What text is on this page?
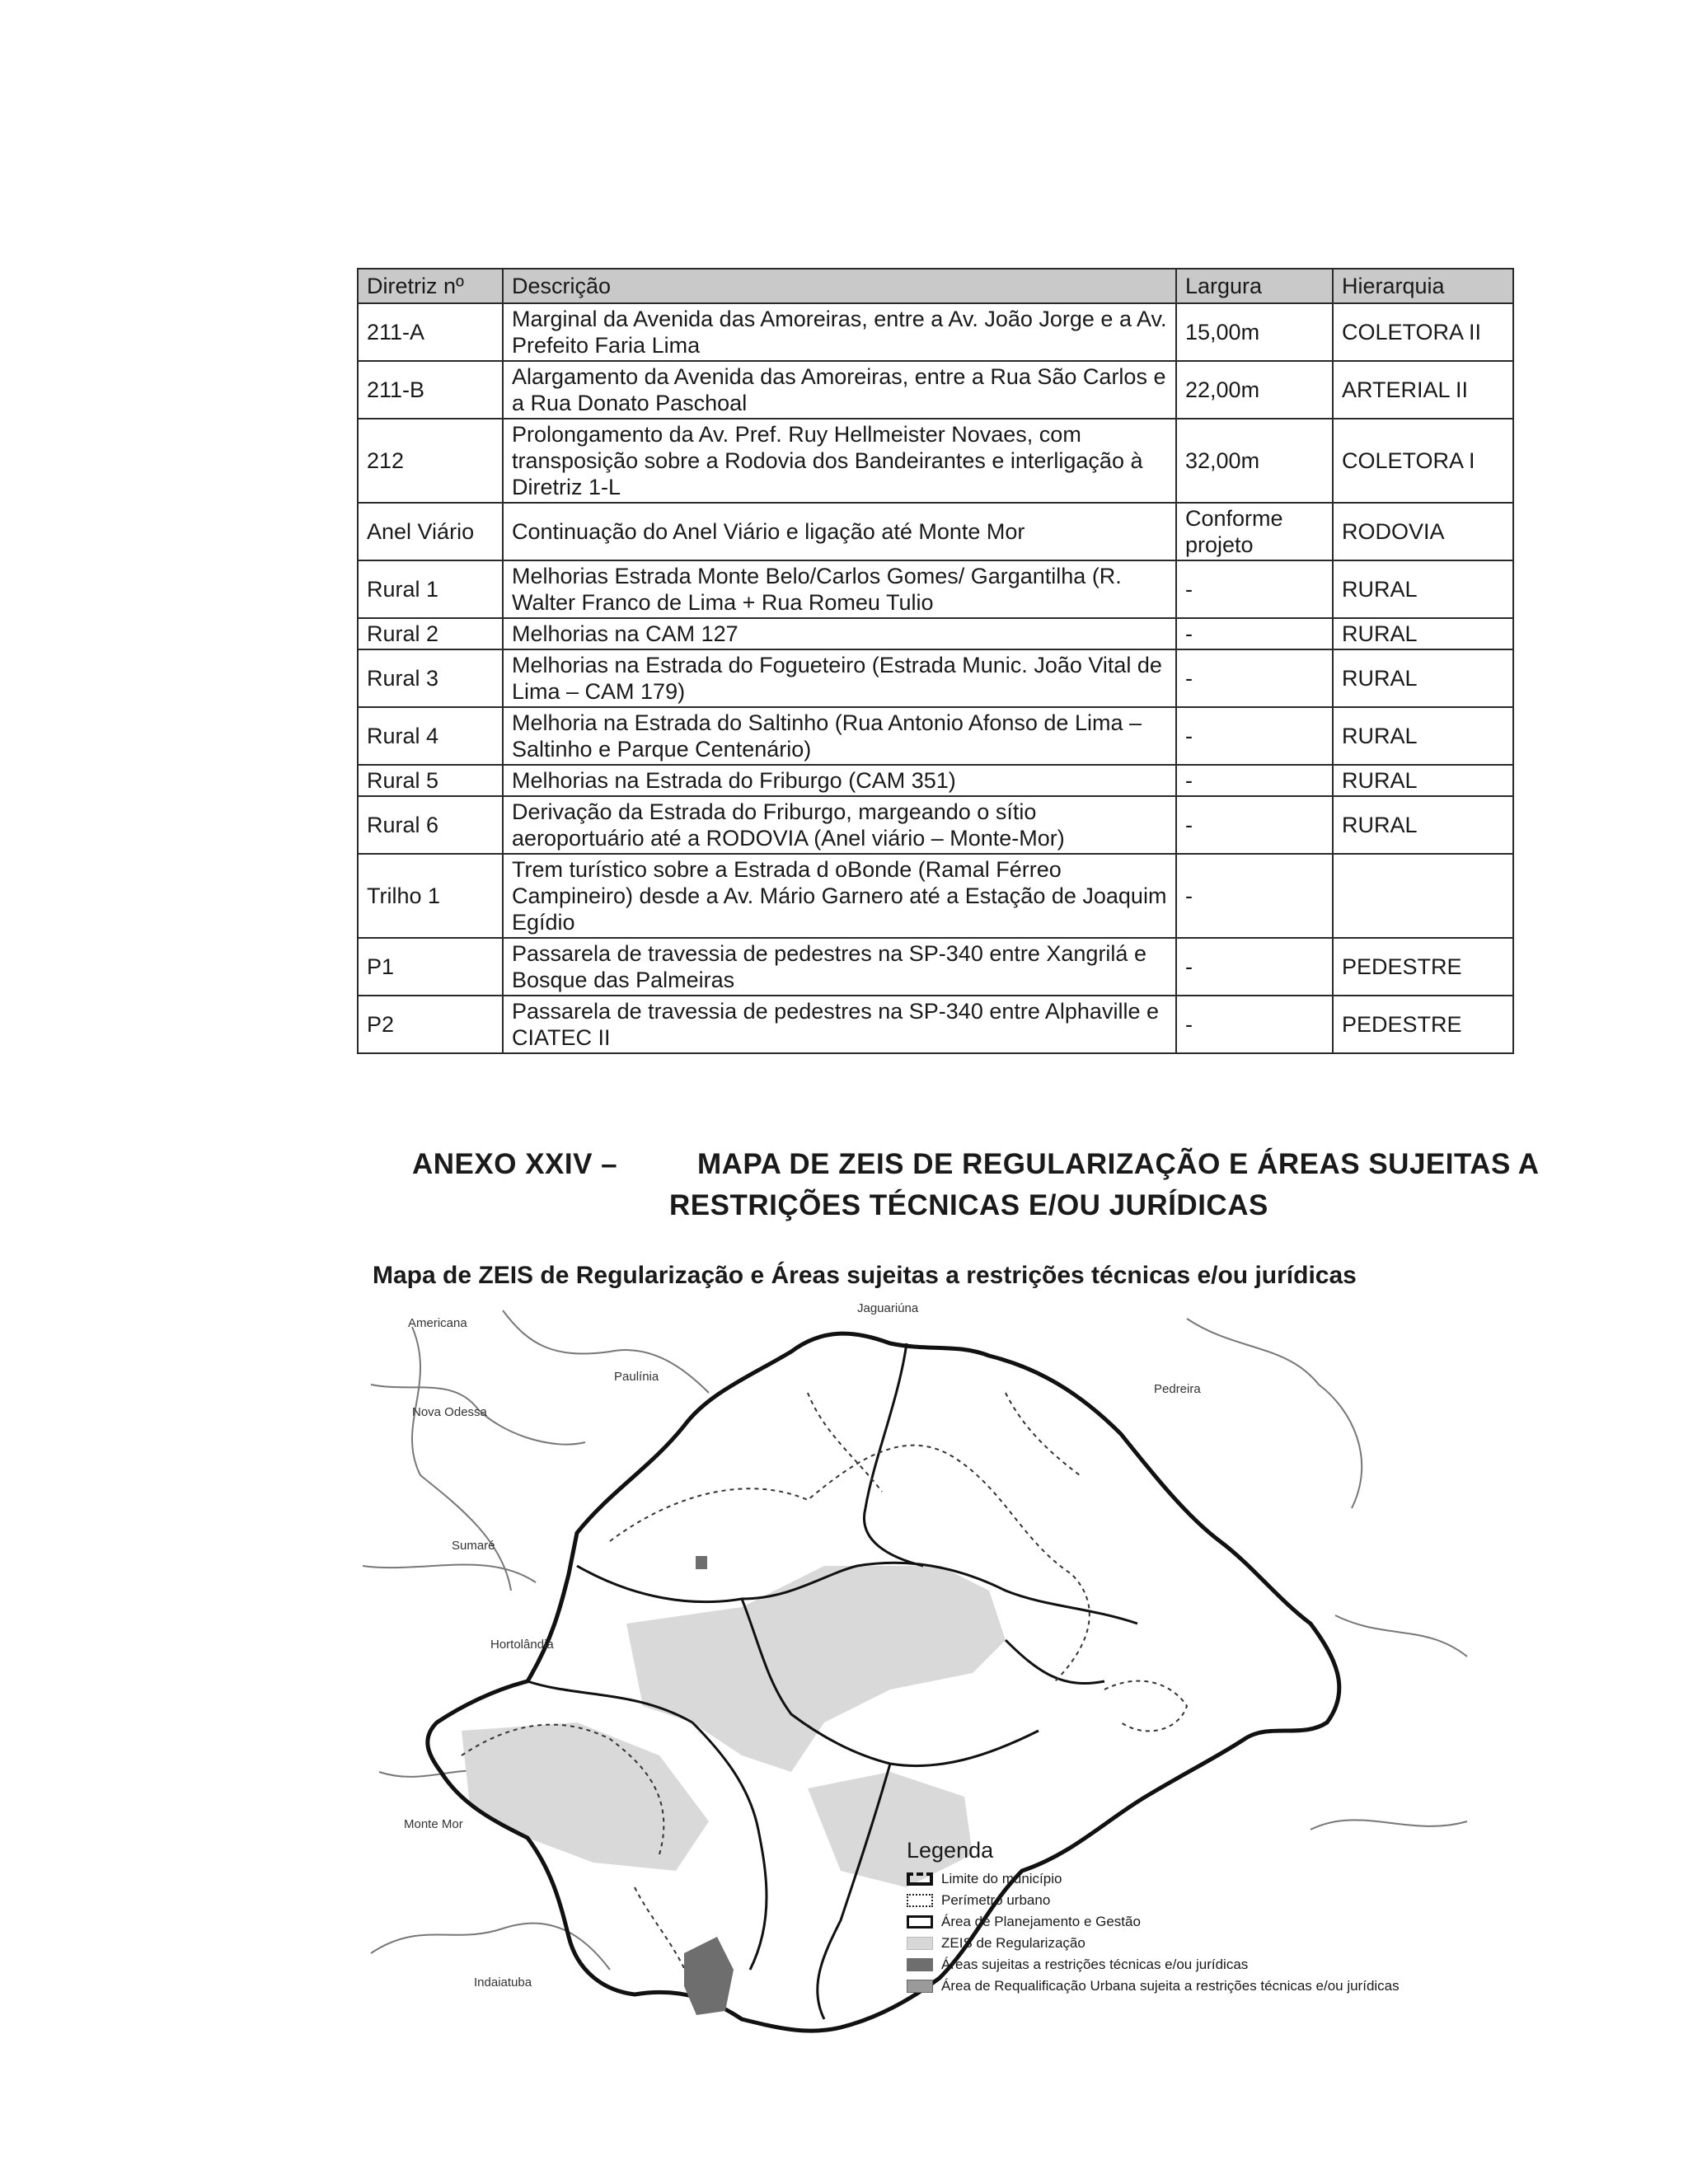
Diretriz nº	Descrição	Largura	Hierarquia
211-A	Marginal da Avenida das Amoreiras, entre a Av. João Jorge e a Av. Prefeito Faria Lima	15,00m	COLETORA II
211-B	Alargamento da Avenida das Amoreiras, entre a Rua São Carlos e a Rua Donato Paschoal	22,00m	ARTERIAL II
212	Prolongamento da Av. Pref. Ruy Hellmeister Novaes, com transposição sobre a Rodovia dos Bandeirantes e interligação à Diretriz 1-L	32,00m	COLETORA I
Anel Viário	Continuação do Anel Viário e ligação até Monte Mor	Conforme projeto	RODOVIA
Rural 1	Melhorias Estrada Monte Belo/Carlos Gomes/ Gargantilha (R. Walter Franco de Lima + Rua Romeu Tulio	-	RURAL
Rural 2	Melhorias na CAM 127	-	RURAL
Rural 3	Melhorias na Estrada do Fogueteiro (Estrada Munic. João Vital de Lima – CAM 179)	-	RURAL
Rural 4	Melhoria na Estrada do Saltinho (Rua Antonio Afonso de Lima – Saltinho e Parque Centenário)	-	RURAL
Rural 5	Melhorias na Estrada do Friburgo (CAM 351)	-	RURAL
Rural 6	Derivação da Estrada do Friburgo, margeando o sítio aeroportuário até a RODOVIA (Anel viário – Monte-Mor)	-	RURAL
Trilho 1	Trem turístico sobre a Estrada d oBonde (Ramal Férreo Campineiro) desde a Av. Mário Garnero até a Estação de Joaquim Egídio	-	
P1	Passarela de travessia de pedestres na SP-340 entre Xangrilá e Bosque das Palmeiras	-	PEDESTRE
P2	Passarela de travessia de pedestres na SP-340 entre Alphaville e CIATEC II	-	PEDESTRE
ANEXO XXIV –	MAPA DE ZEIS DE REGULARIZAÇÃO E ÁREAS SUJEITAS A
RESTRIÇÕES TÉCNICAS E/OU JURÍDICAS
Mapa de ZEIS de Regularização e Áreas sujeitas a restrições técnicas e/ou jurídicas
Americana
Jaguariúna
Paulínia
Pedreira
Nova Odessa
Sumaré
Hortolândia
Monte Mor
Indaiatuba
Legenda
Limite do município
Perímetro urbano
Área de Planejamento e Gestão
ZEIS de Regularização
Áreas sujeitas a restrições técnicas e/ou jurídicas
Área de Requalificação Urbana sujeita a restrições técnicas e/ou jurídicas
